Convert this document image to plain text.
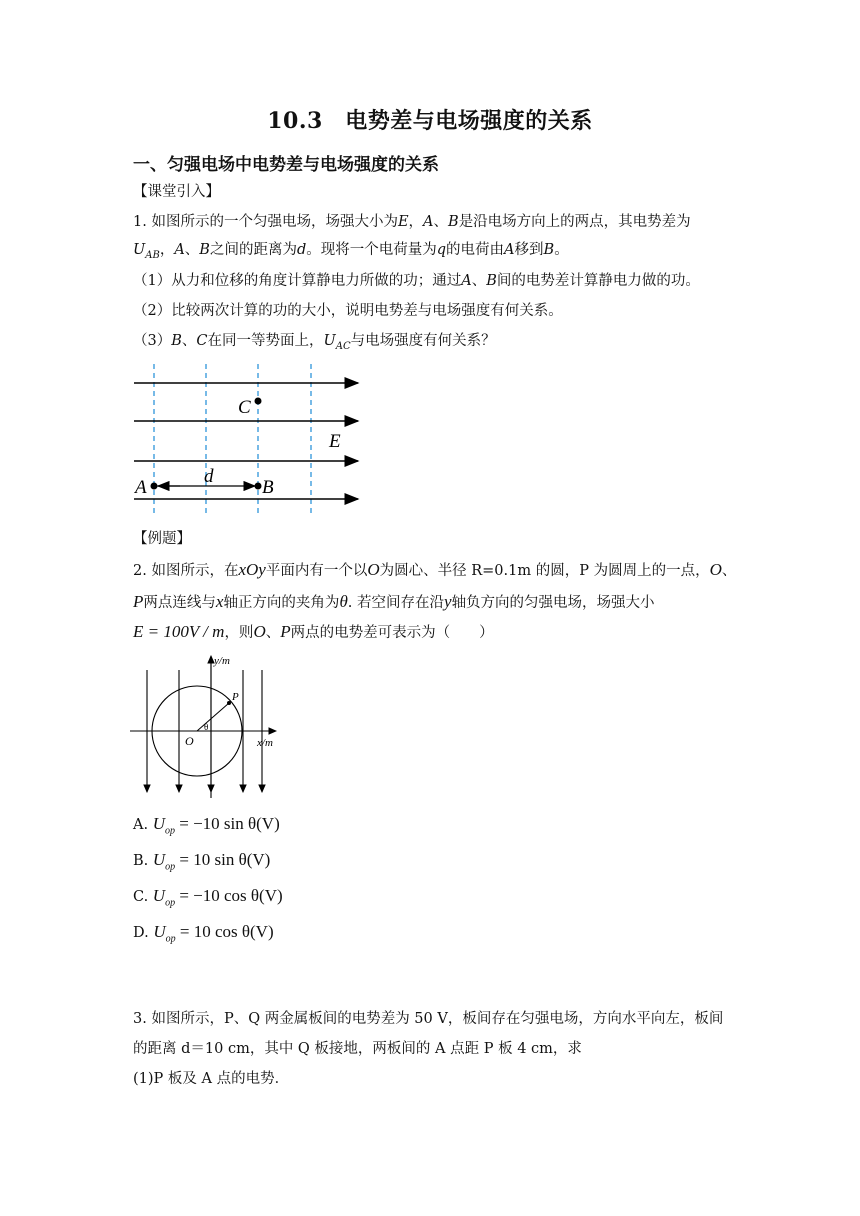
10.3　电势差与电场强度的关系
一、匀强电场中电势差与电场强度的关系
【课堂引入】
1. 如图所示的一个匀强电场，场强大小为E，A、B是沿电场方向上的两点，其电势差为
$U_{AB}$，A、B之间的距离为d。现将一个电荷量为q的电荷由A移到B。
（1）从力和位移的角度计算静电力所做的功；通过A、B间的电势差计算静电力做的功。
（2）比较两次计算的功的大小，说明电势差与电场强度有何关系。
（3）B、C在同一等势面上，$U_{AC}$与电场强度有何关系？
C
E
d
A	B
【例题】
2. 如图所示，在xOy平面内有一个以O为圆心、半径 R=0.1m 的圆，P 为圆周上的一点，O、
P两点连线与x轴正方向的夹角为θ. 若空间存在沿y轴负方向的匀强电场，场强大小
E = 100V / m，则O、P两点的电势差可表示为（　　）
y/m
x/m
O
P
θ
A. $U_{op} = -10$ sin θ(V)
B. $U_{op} = 10$ sin θ(V)
C. $U_{op} = -10$ cos θ(V)
D. $U_{op} = 10$ cos θ(V)
3. 如图所示，P、Q 两金属板间的电势差为 50 V，板间存在匀强电场，方向水平向左，板间
的距离 d＝10 cm，其中 Q 板接地，两板间的 A 点距 P 板 4 cm，求
(1)P 板及 A 点的电势．
